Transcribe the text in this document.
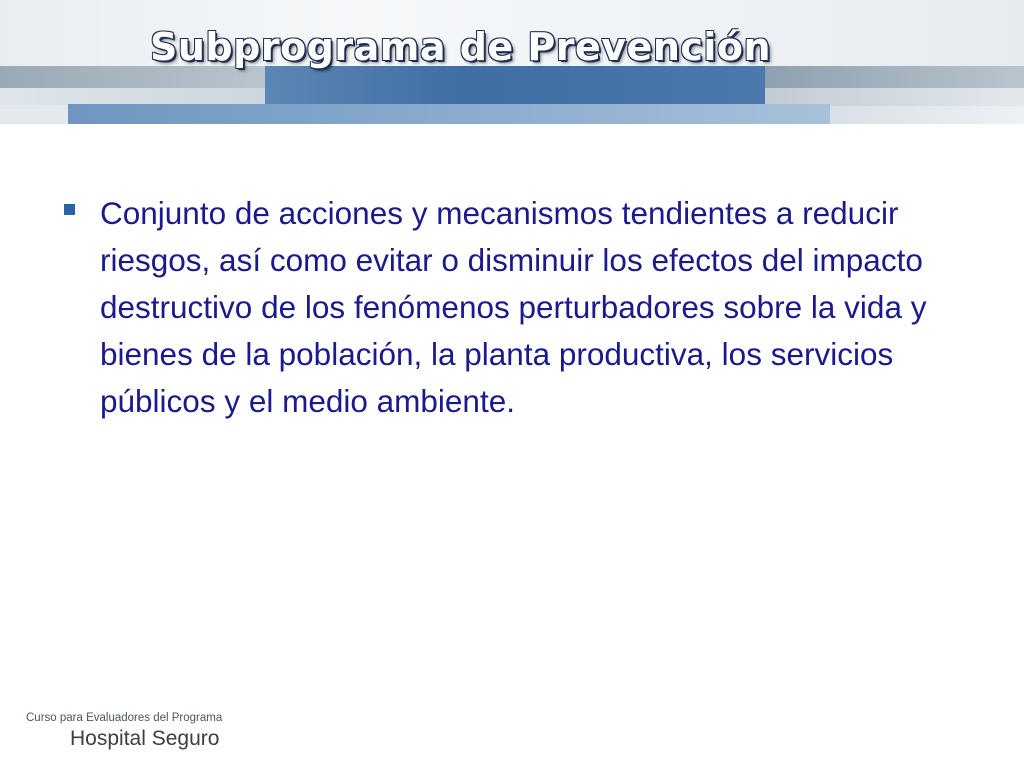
Subprograma de Prevención
Conjunto de acciones y mecanismos tendientes a reducir riesgos, así como evitar o disminuir los efectos del impacto destructivo de los fenómenos perturbadores sobre la vida y bienes de la población, la planta productiva, los servicios públicos y el medio ambiente.
Curso para Evaluadores del Programa
Hospital Seguro
